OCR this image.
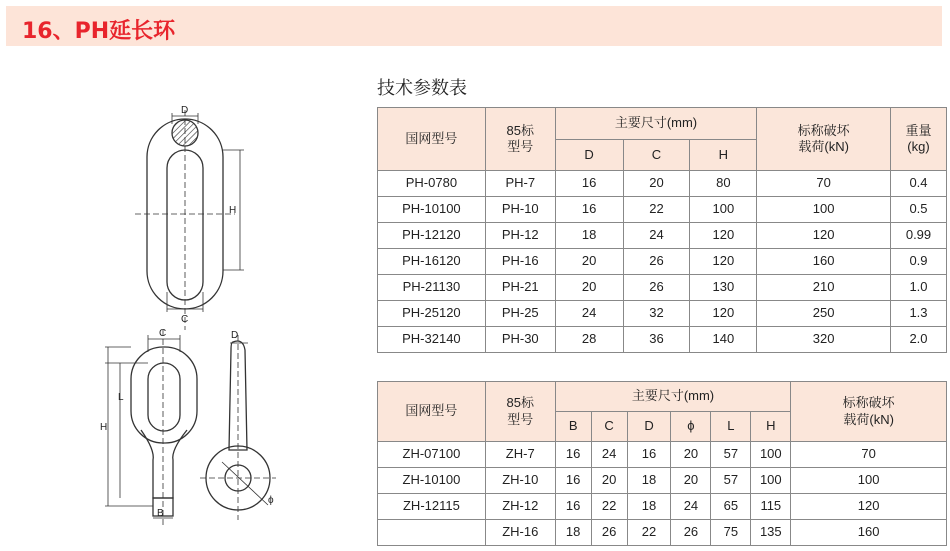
16、PH延长环
D
H
C
C	D
L
H
B
ϕ
技术参数表
国网型号	85标
型号	主要尺寸(mm)			标称破坏
载荷(kN)	重量
(kg)
		D	C	H		
PH-0780	PH-7	16	20	80	70	0.4
PH-10100	PH-10	16	22	100	100	0.5
PH-12120	PH-12	18	24	120	120	0.99
PH-16120	PH-16	20	26	120	160	0.9
PH-21130	PH-21	20	26	130	210	1.0
PH-25120	PH-25	24	32	120	250	1.3
PH-32140	PH-30	28	36	140	320	2.0
国网型号	85标
型号	主要尺寸(mm)						标称破坏
载荷(kN)
		B	C	D	ϕ	L	H	
ZH-07100	ZH-7	16	24	16	20	57	100	70
ZH-10100	ZH-10	16	20	18	20	57	100	100
ZH-12115	ZH-12	16	22	18	24	65	115	120
	ZH-16	18	26	22	26	75	135	160
